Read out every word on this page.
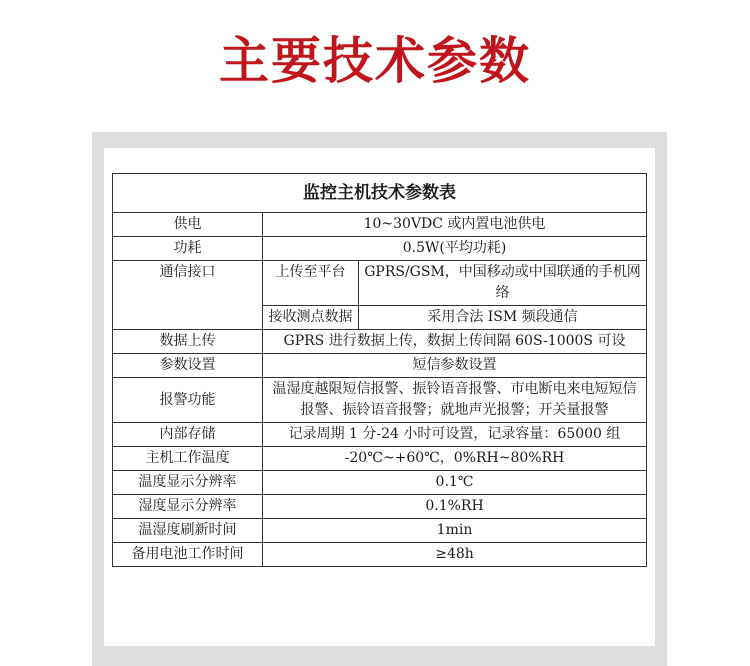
主要技术参数
监控主机技术参数表		
供电	10~30VDC 或内置电池供电	
功耗	0.5W(平均功耗)	
通信接口	上传至平台	GPRS/GSM，中国移动或中国联通的手机网络
	接收测点数据	采用合法 ISM 频段通信
数据上传	GPRS 进行数据上传，数据上传间隔 60S-1000S 可设	
参数设置	短信参数设置	
报警功能	温湿度越限短信报警、振铃语音报警、市电断电来电短短信报警、振铃语音报警；就地声光报警；开关量报警	
内部存储	记录周期 1 分-24 小时可设置，记录容量：65000 组	
主机工作温度	-20℃~+60℃，0%RH~80%RH	
温度显示分辨率	0.1℃	
湿度显示分辨率	0.1%RH	
温湿度刷新时间	1min	
备用电池工作时间	≥48h	
